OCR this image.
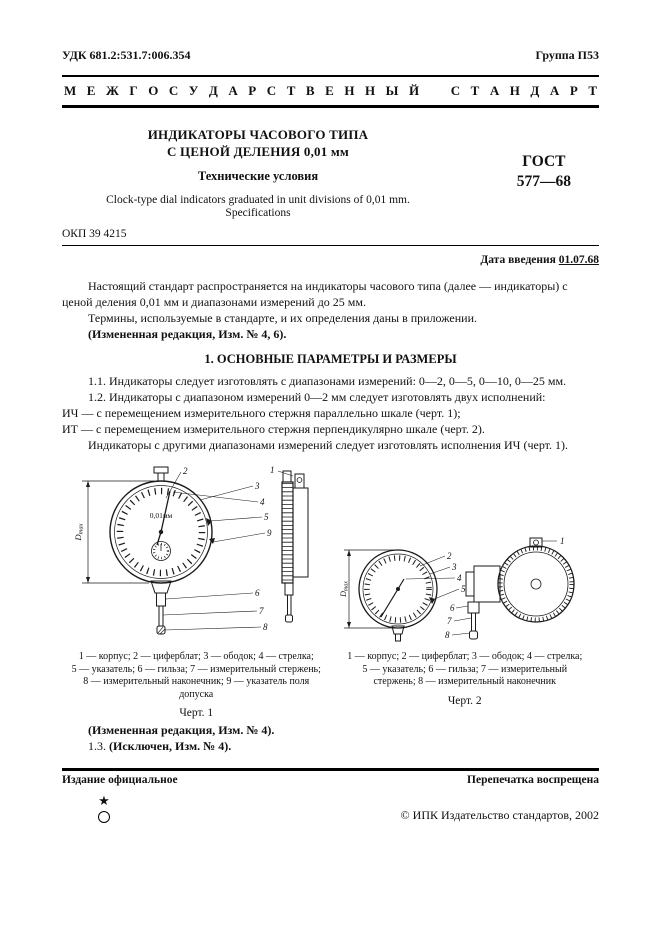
УДК 681.2:531.7:006.354	Группа П53
М Е Ж Г О С У Д А Р С Т В Е Н Н Ы Й   С Т А Н Д А Р Т
ИНДИКАТОРЫ ЧАСОВОГО ТИПА
С ЦЕНОЙ ДЕЛЕНИЯ 0,01 мм
Технические условия
Clock-type dial indicators graduated in unit divisions of 0,01 mm.
Specifications
ГОСТ
577—68
ОКП 39 4215
Дата введения 01.07.68

Настоящий стандарт распространяется на индикаторы часового типа (далее — индикаторы) с ценой деления 0,01 мм и диапазонами измерений до 25 мм.

Термины, используемые в стандарте, и их определения даны в приложении.

(Измененная редакция, Изм. № 4, 6).

1. ОСНОВНЫЕ ПАРАМЕТРЫ И РАЗМЕРЫ

1.1. Индикаторы следует изготовлять с диапазонами измерений: 0—2, 0—5, 0—10, 0—25 мм.

1.2. Индикаторы с диапазоном измерений 0—2 мм следует изготовлять двух исполнений:

ИЧ — с перемещением измерительного стержня параллельно шкале (черт. 1);

ИТ — с перемещением измерительного стержня перпендикулярно шкале (черт. 2).

Индикаторы с другими диапазонами измерений следует изготовлять исполнения ИЧ (черт. 1).

2
3
4
5
9
6
7
8
1
0,01мм
Dmax
1 — корпус; 2 — циферблат; 3 — ободок; 4 — стрелка;
5 — указатель; 6 — гильза; 7 — измерительный стержень;
8 — измерительный наконечник; 9 — указатель поля
допуска
Черт. 1
2
3
4
5
1
6
7
8
Dmax
1 — корпус; 2 — циферблат; 3 — ободок; 4 — стрелка;
5 — указатель; 6 — гильза; 7 — измерительный
стержень; 8 — измерительный наконечник
Черт. 2

(Измененная редакция, Изм. № 4).

1.3. (Исключен, Изм. № 4).

Издание официальное	Перепечатка воспрещена
★
© ИПК Издательство стандартов, 2002
